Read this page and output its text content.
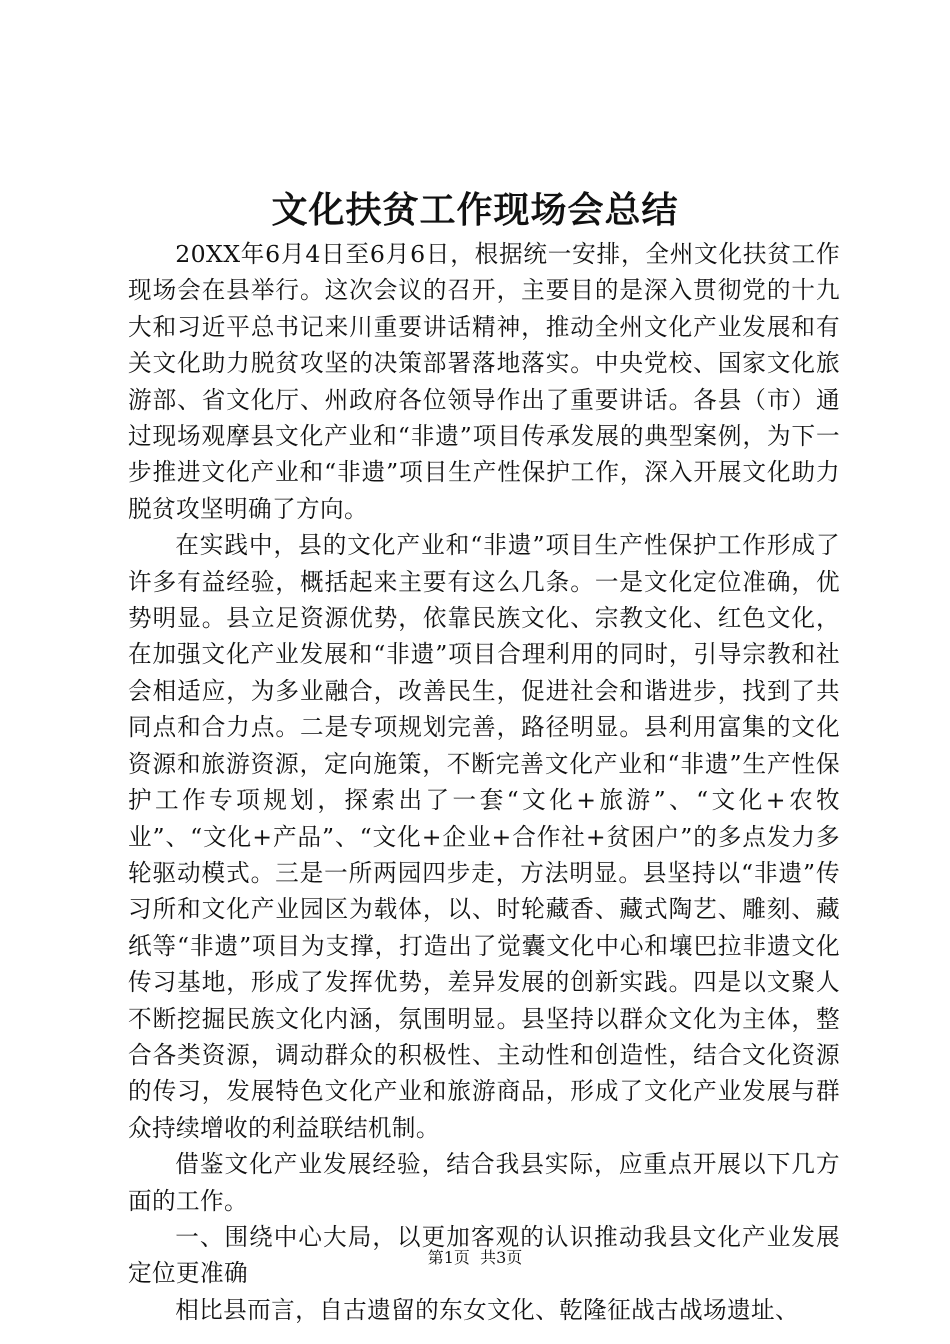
文化扶贫工作现场会总结

20XX年6月4日至6月6日，根据统一安排，全州文化扶贫工作现场会在县举行。这次会议的召开，主要目的是深入贯彻党的十九大和习近平总书记来川重要讲话精神，推动全州文化产业发展和有关文化助力脱贫攻坚的决策部署落地落实。中央党校、国家文化旅游部、省文化厅、州政府各位领导作出了重要讲话。各县（市）通过现场观摩县文化产业和“非遗”项目传承发展的典型案例，为下一步推进文化产业和“非遗”项目生产性保护工作，深入开展文化助力脱贫攻坚明确了方向。

在实践中，县的文化产业和“非遗”项目生产性保护工作形成了许多有益经验，概括起来主要有这么几条。一是文化定位准确，优势明显。县立足资源优势，依靠民族文化、宗教文化、红色文化，在加强文化产业发展和“非遗”项目合理利用的同时，引导宗教和社会相适应，为多业融合，改善民生，促进社会和谐进步，找到了共同点和合力点。二是专项规划完善，路径明显。县利用富集的文化资源和旅游资源，定向施策，不断完善文化产业和“非遗”生产性保护工作专项规划，探索出了一套“文化+旅游”、“文化+农牧业”、“文化+产品”、“文化+企业+合作社+贫困户”的多点发力多轮驱动模式。三是一所两园四步走，方法明显。县坚持以“非遗”传习所和文化产业园区为载体，以、时轮藏香、藏式陶艺、雕刻、藏纸等“非遗”项目为支撑，打造出了觉囊文化中心和壤巴拉非遗文化传习基地，形成了发挥优势，差异发展的创新实践。四是以文聚人不断挖掘民族文化内涵，氛围明显。县坚持以群众文化为主体，整合各类资源，调动群众的积极性、主动性和创造性，结合文化资源的传习，发展特色文化产业和旅游商品，形成了文化产业发展与群众持续增收的利益联结机制。

借鉴文化产业发展经验，结合我县实际，应重点开展以下几方面的工作。

一、围绕中心大局，以更加客观的认识推动我县文化产业发展定位更准确

相比县而言，自古遗留的东女文化、乾隆征战古战场遗址、

第1页 共3页
